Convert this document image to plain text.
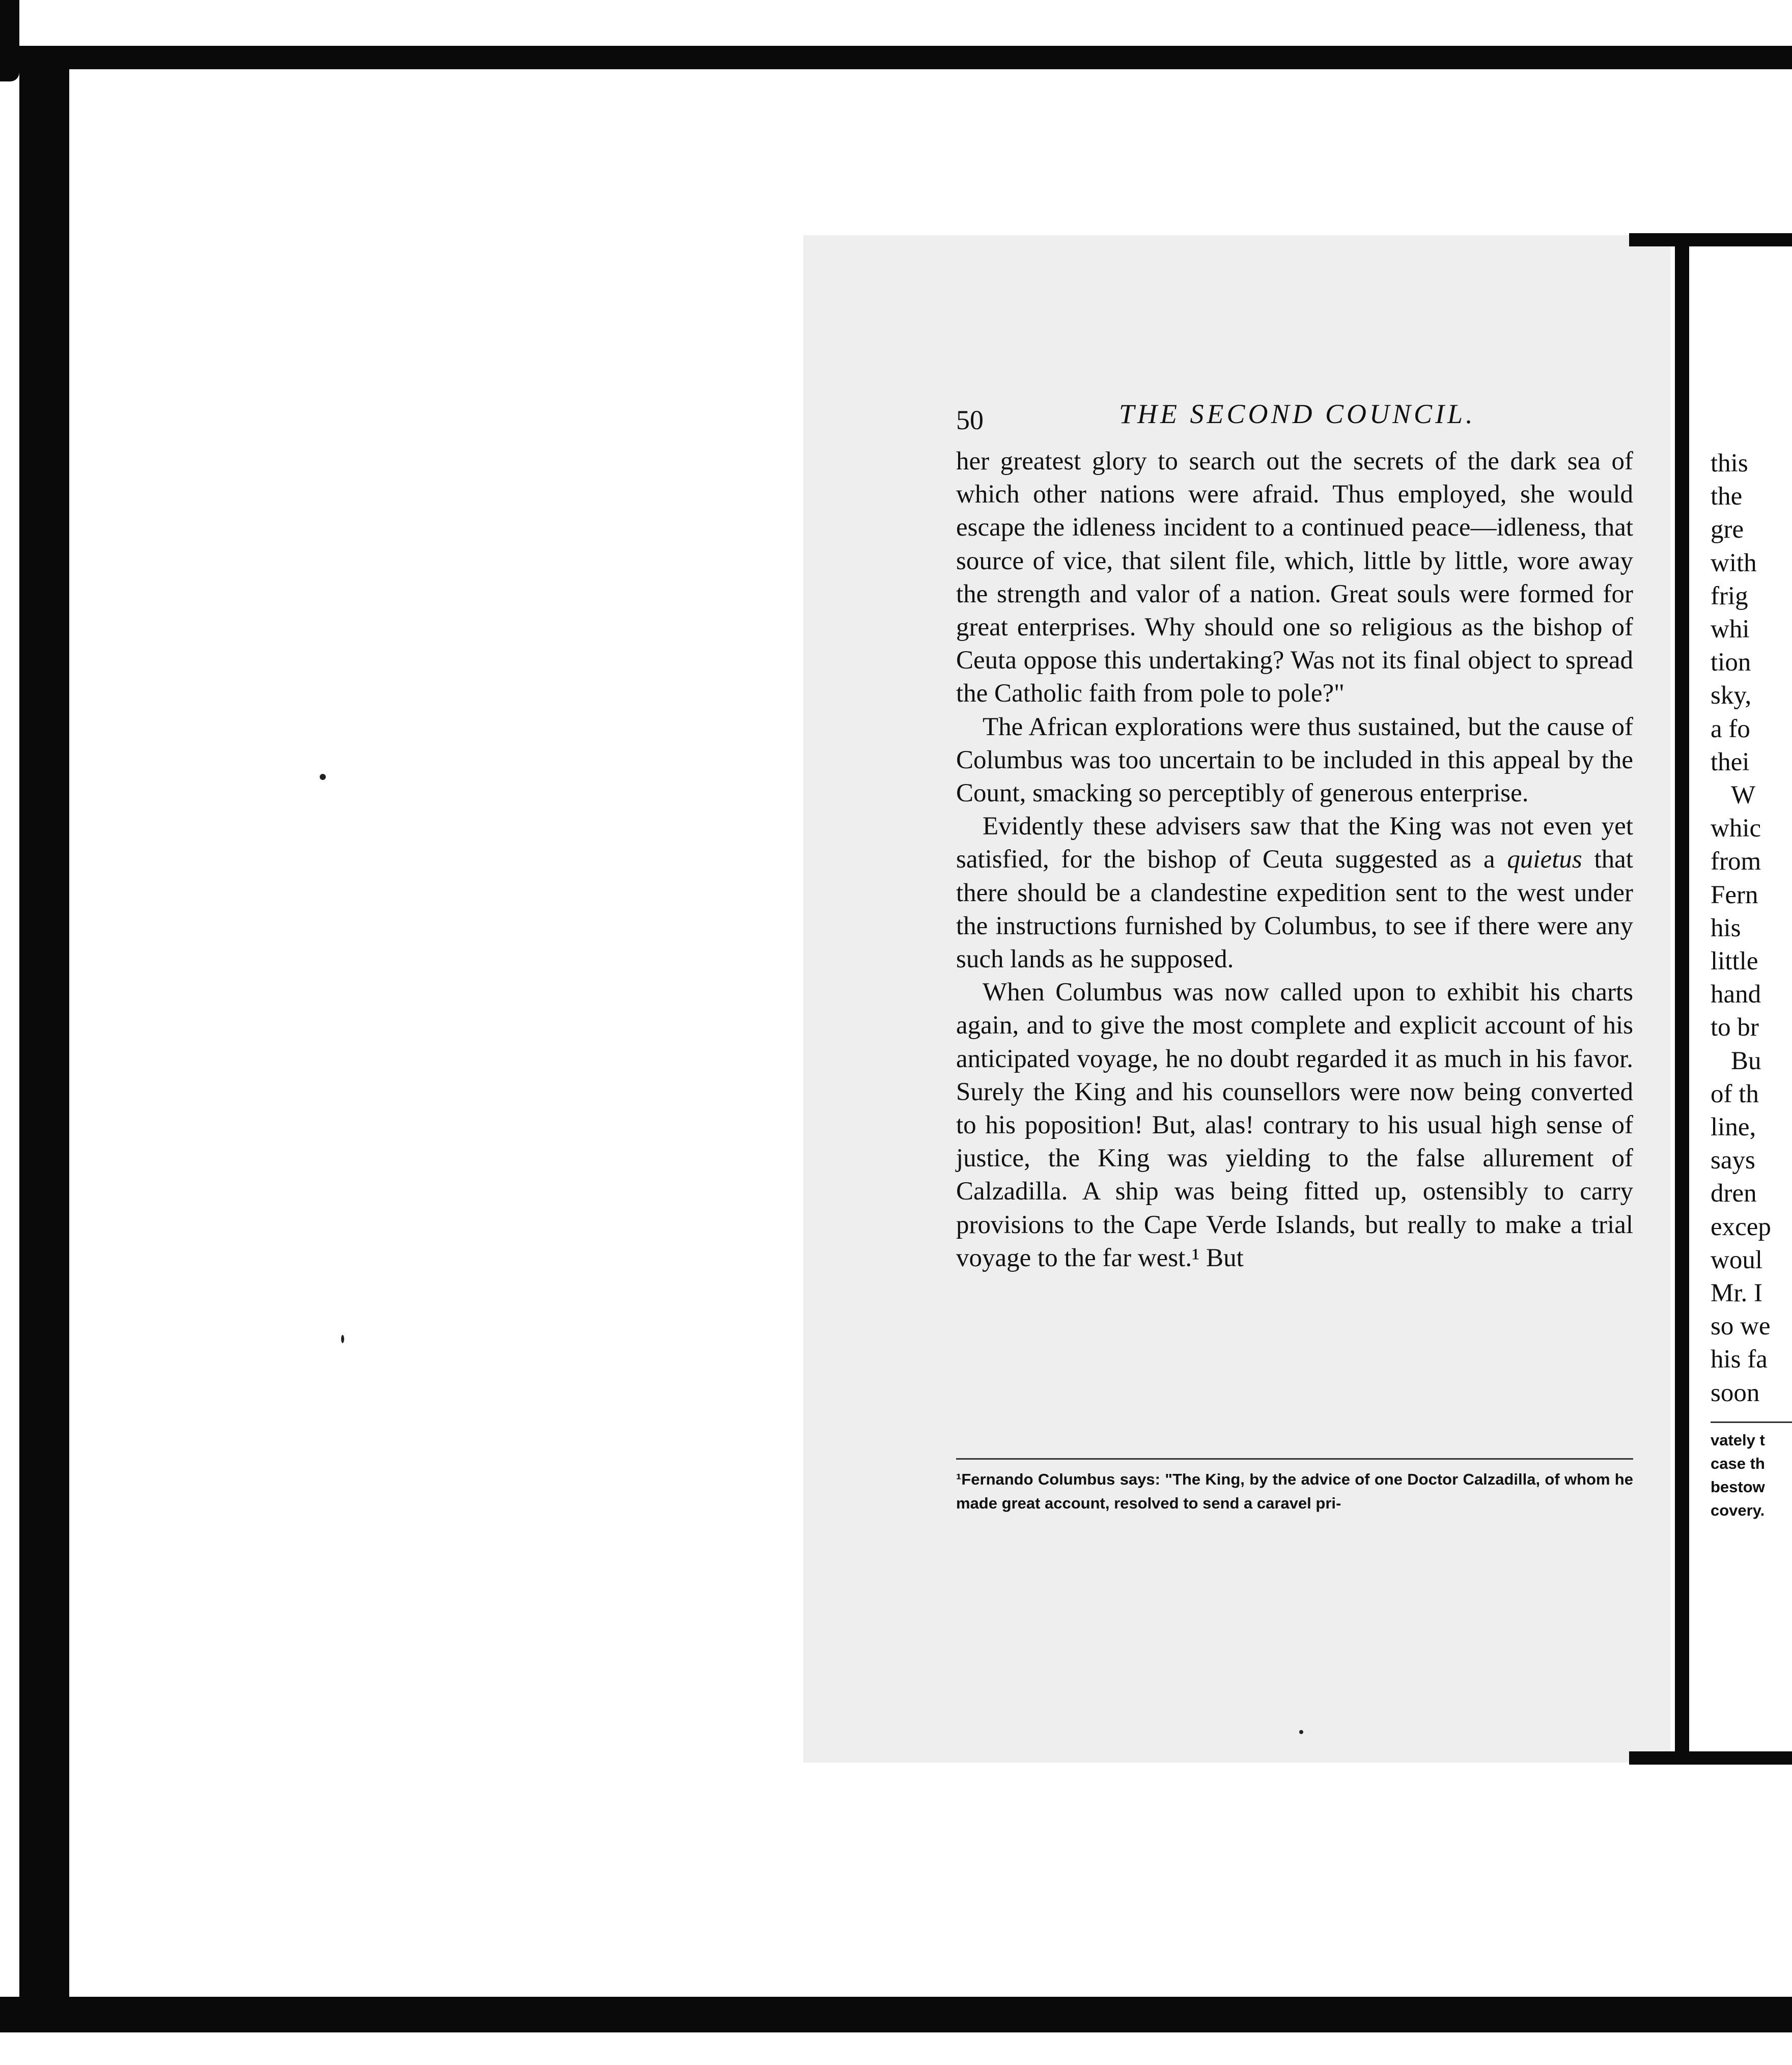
50	THE SECOND COUNCIL.

her greatest glory to search out the secrets of the dark sea of which other nations were afraid. Thus employed, she would escape the idleness incident to a continued peace—idleness, that source of vice, that silent file, which, little by little, wore away the strength and valor of a nation. Great souls were formed for great enterprises. Why should one so religious as the bishop of Ceuta oppose this undertaking? Was not its final object to spread the Catholic faith from pole to pole?"

The African explorations were thus sustained, but the cause of Columbus was too uncertain to be included in this appeal by the Count, smacking so perceptibly of generous enterprise.

Evidently these advisers saw that the King was not even yet satisfied, for the bishop of Ceuta suggested as a quietus that there should be a clandestine expedition sent to the west under the instructions furnished by Columbus, to see if there were any such lands as he supposed.

When Columbus was now called upon to exhibit his charts again, and to give the most complete and explicit account of his anticipated voyage, he no doubt regarded it as much in his favor. Surely the King and his counsellors were now being converted to his poposition! But, alas! contrary to his usual high sense of justice, the King was yielding to the false allurement of Calzadilla. A ship was being fitted up, ostensibly to carry provisions to the Cape Verde Islands, but really to make a trial voyage to the far west.¹ But

¹Fernando Columbus says: "The King, by the advice of one Doctor Calzadilla, of whom he made great account, resolved to send a caravel pri-

this
the
gre
with
frig
whi
tion
sky,
a fo
thei
W
whic
from
Fern
his
little
hand
to br
Bu
of th
line,
says
dren
excep
woul
Mr. I
so we
his fa
soon
vately t
case th
bestow
covery.
